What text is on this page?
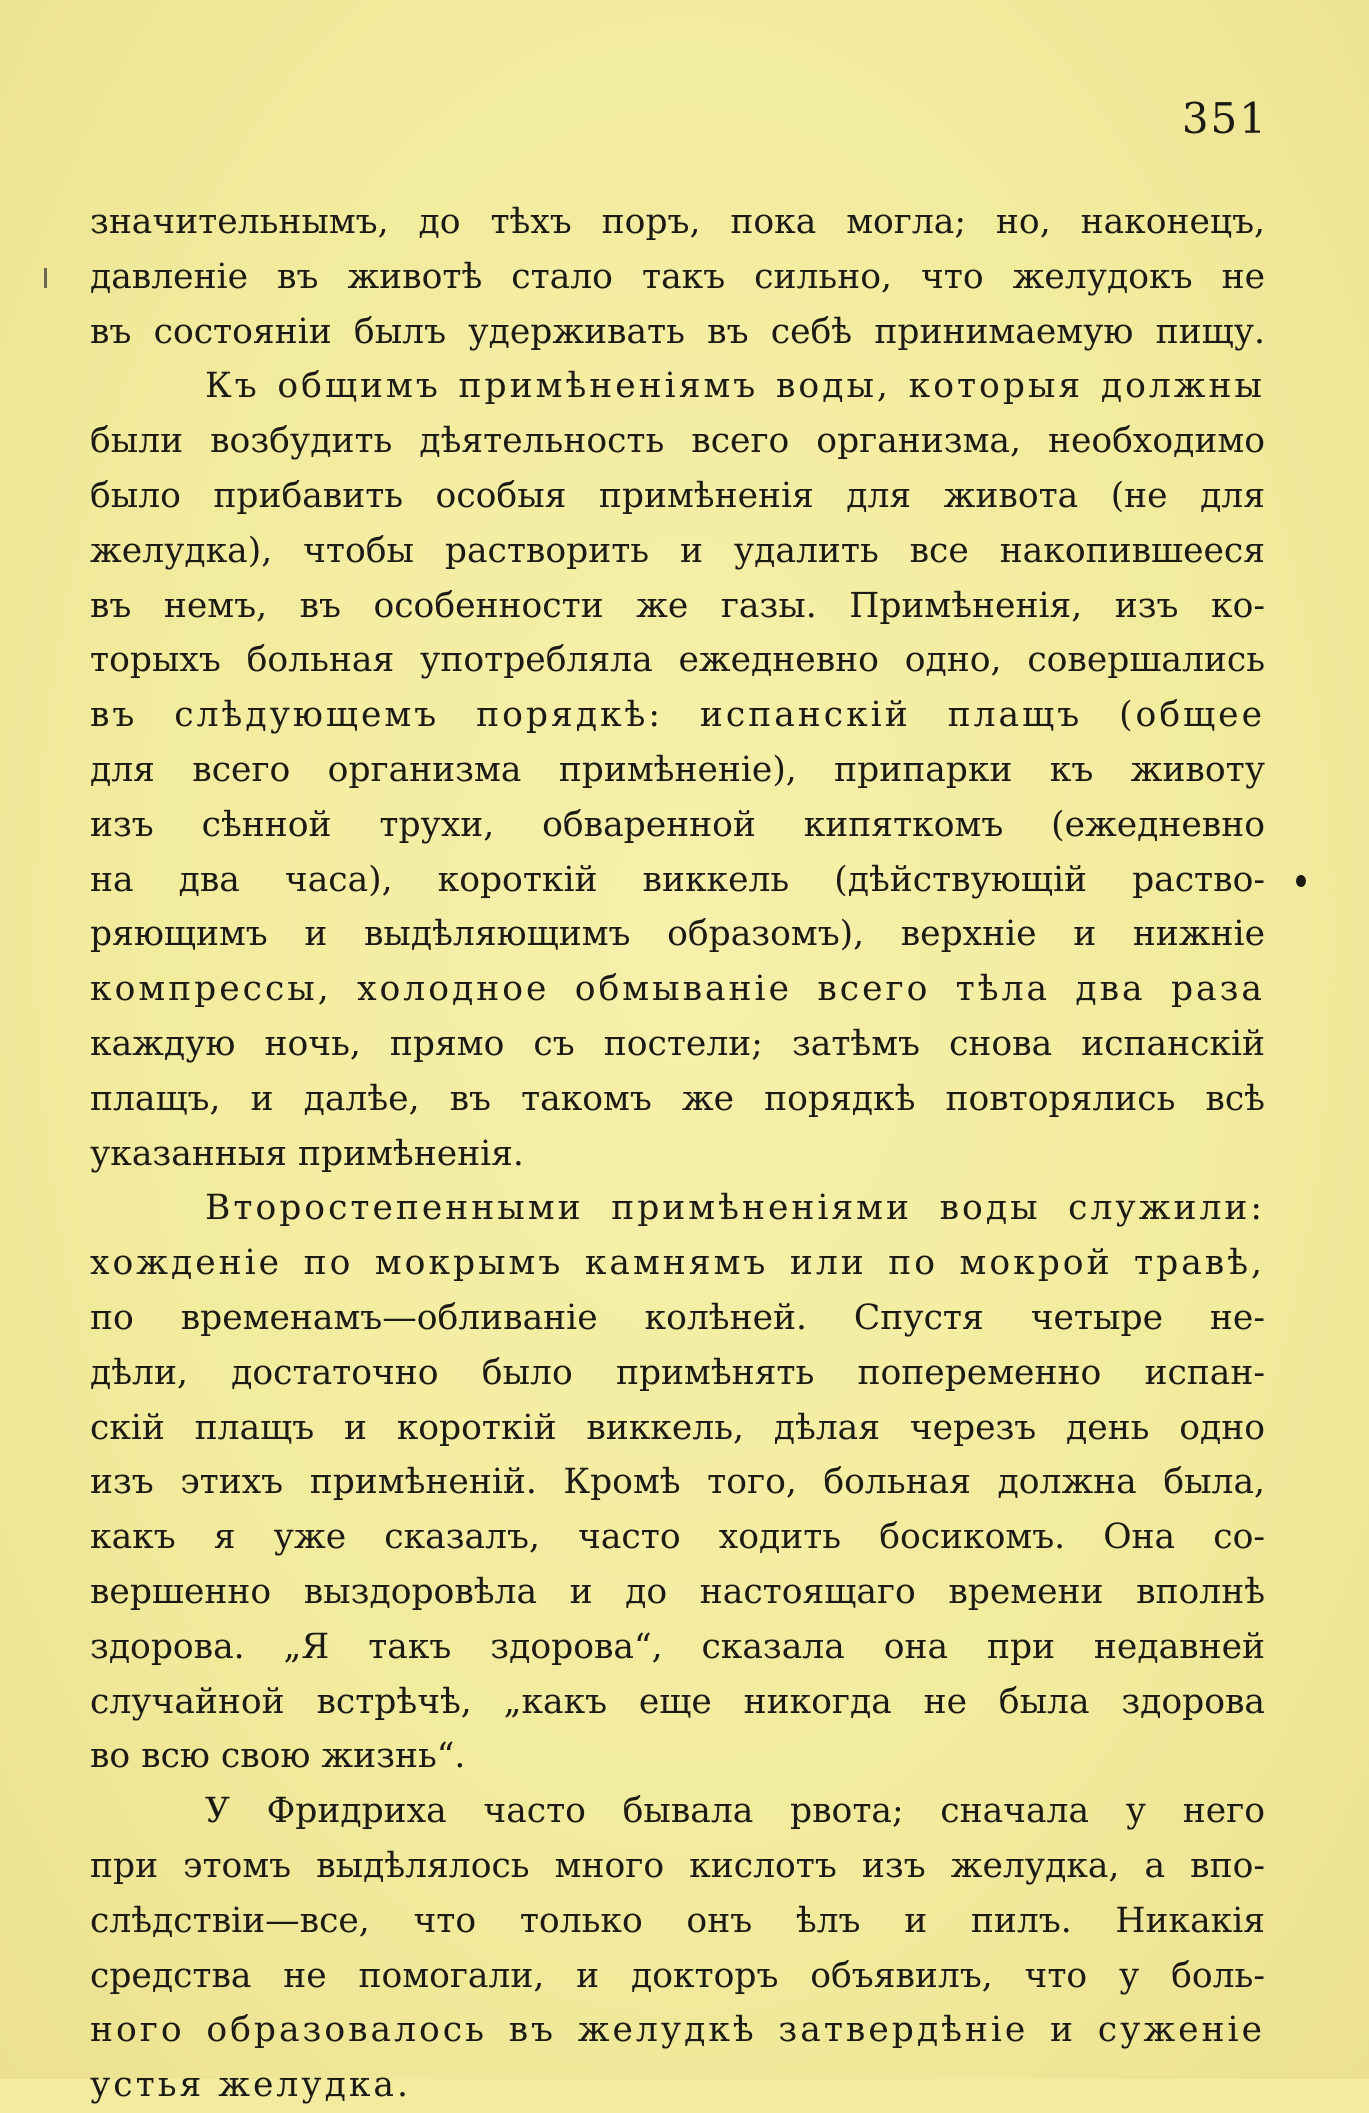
351
значительнымъ, до тѣхъ поръ, пока могла; но, наконецъ,
давленіе въ животѣ стало такъ сильно, что желудокъ не
въ состояніи былъ удерживать въ себѣ принимаемую пищу.
Къ общимъ примѣненіямъ воды, которыя должны
были возбудить дѣятельность всего организма, необходимо
было прибавить особыя примѣненія для живота (не для
желудка), чтобы растворить и удалить все накопившееся
въ немъ, въ особенности же газы. Примѣненія, изъ ко-
торыхъ больная употребляла ежедневно одно, совершались
въ слѣдующемъ порядкѣ: испанскій плащъ (общее
для всего организма примѣненіе), припарки къ животу
изъ сѣнной трухи, обваренной кипяткомъ (ежедневно
на два часа), короткій виккель (дѣйствующій раство-
ряющимъ и выдѣляющимъ образомъ), верхніе и нижніе
компрессы, холодное обмываніе всего тѣла два раза
каждую ночь, прямо съ постели; затѣмъ снова испанскій
плащъ, и далѣе, въ такомъ же порядкѣ повторялись всѣ
указанныя примѣненія.
Второстепенными примѣненіями воды служили:
хожденіе по мокрымъ камнямъ или по мокрой травѣ,
по временамъ—обливаніе колѣней. Спустя четыре не-
дѣли, достаточно было примѣнять попеременно испан-
скій плащъ и короткій виккель, дѣлая черезъ день одно
изъ этихъ примѣненій. Кромѣ того, больная должна была,
какъ я уже сказалъ, часто ходить босикомъ. Она со-
вершенно выздоровѣла и до настоящаго времени вполнѣ
здорова. „Я такъ здорова“, сказала она при недавней
случайной встрѣчѣ, „какъ еще никогда не была здорова
во всю свою жизнь“.
У Фридриха часто бывала рвота; сначала у него
при этомъ выдѣлялось много кислотъ изъ желудка, а впо-
слѣдствіи—все, что только онъ ѣлъ и пилъ. Никакія
средства не помогали, и докторъ объявилъ, что у боль-
ного образовалось въ желудкѣ затвердѣніе и суженіе
устья желудка.
